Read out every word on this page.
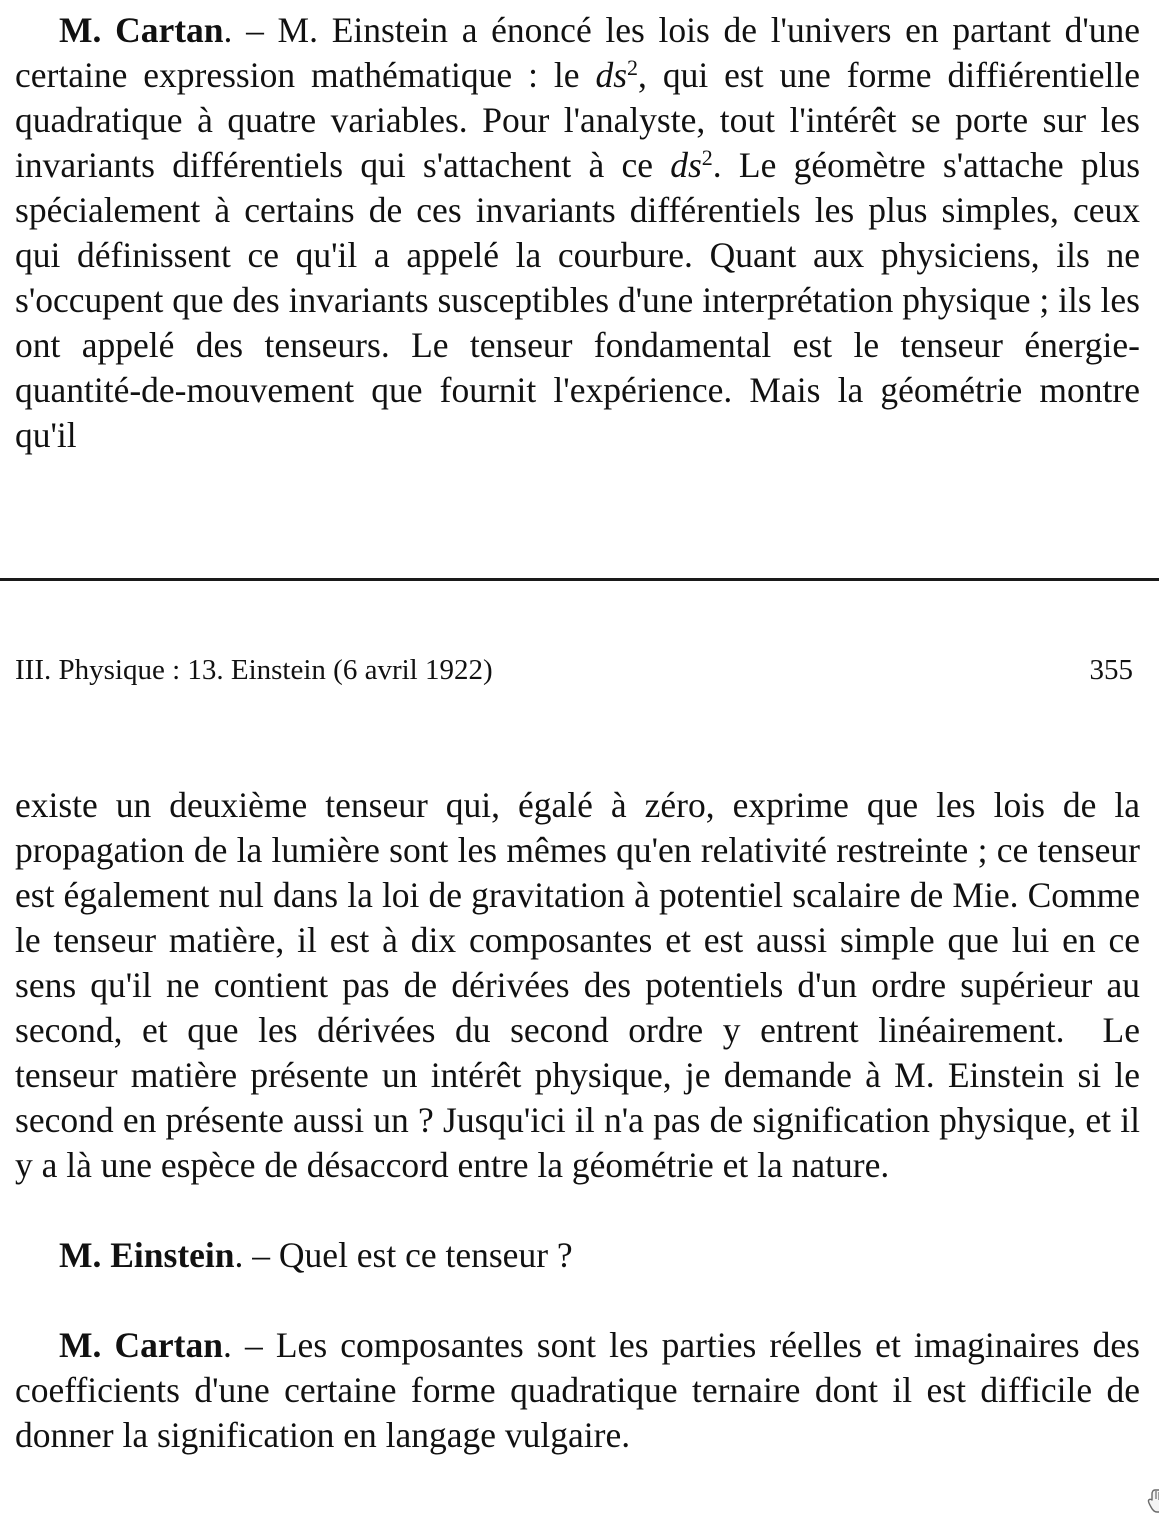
M. Cartan. – M. Einstein a énoncé les lois de l'univers en partant d'une certaine expression mathématique : le $ds^2$, qui est une forme diffiérentielle quadratique à quatre variables. Pour l'analyste, tout l'intérêt se porte sur les invariants différentiels qui s'attachent à ce $ds^2$. Le géomètre s'attache plus spécialement à certains de ces invariants différentiels les plus simples, ceux qui définissent ce qu'il a appelé la courbure. Quant aux physiciens, ils ne s'occupent que des invariants susceptibles d'une interprétation physique ; ils les ont appelé des tenseurs. Le tenseur fondamental est le tenseur énergie-quantité-de-mouvement que fournit l'expérience. Mais la géométrie montre qu'il

III. Physique : 13. Einstein (6 avril 1922)	355

existe un deuxième tenseur qui, égalé à zéro, exprime que les lois de la propagation de la lumière sont les mêmes qu'en relativité restreinte ; ce tenseur est également nul dans la loi de gravitation à potentiel scalaire de Mie. Comme le tenseur matière, il est à dix composantes et est aussi simple que lui en ce sens qu'il ne contient pas de dérivées des potentiels d'un ordre supérieur au second, et que les dérivées du second ordre y entrent linéairement. Le tenseur matière présente un intérêt physique, je demande à M. Einstein si le second en présente aussi un ? Jusqu'ici il n'a pas de signification physique, et il y a là une espèce de désaccord entre la géométrie et la nature.

M. Einstein. – Quel est ce tenseur ?

M. Cartan. – Les composantes sont les parties réelles et imaginaires des coefficients d'une certaine forme quadratique ternaire dont il est difficile de donner la signification en langage vulgaire.
